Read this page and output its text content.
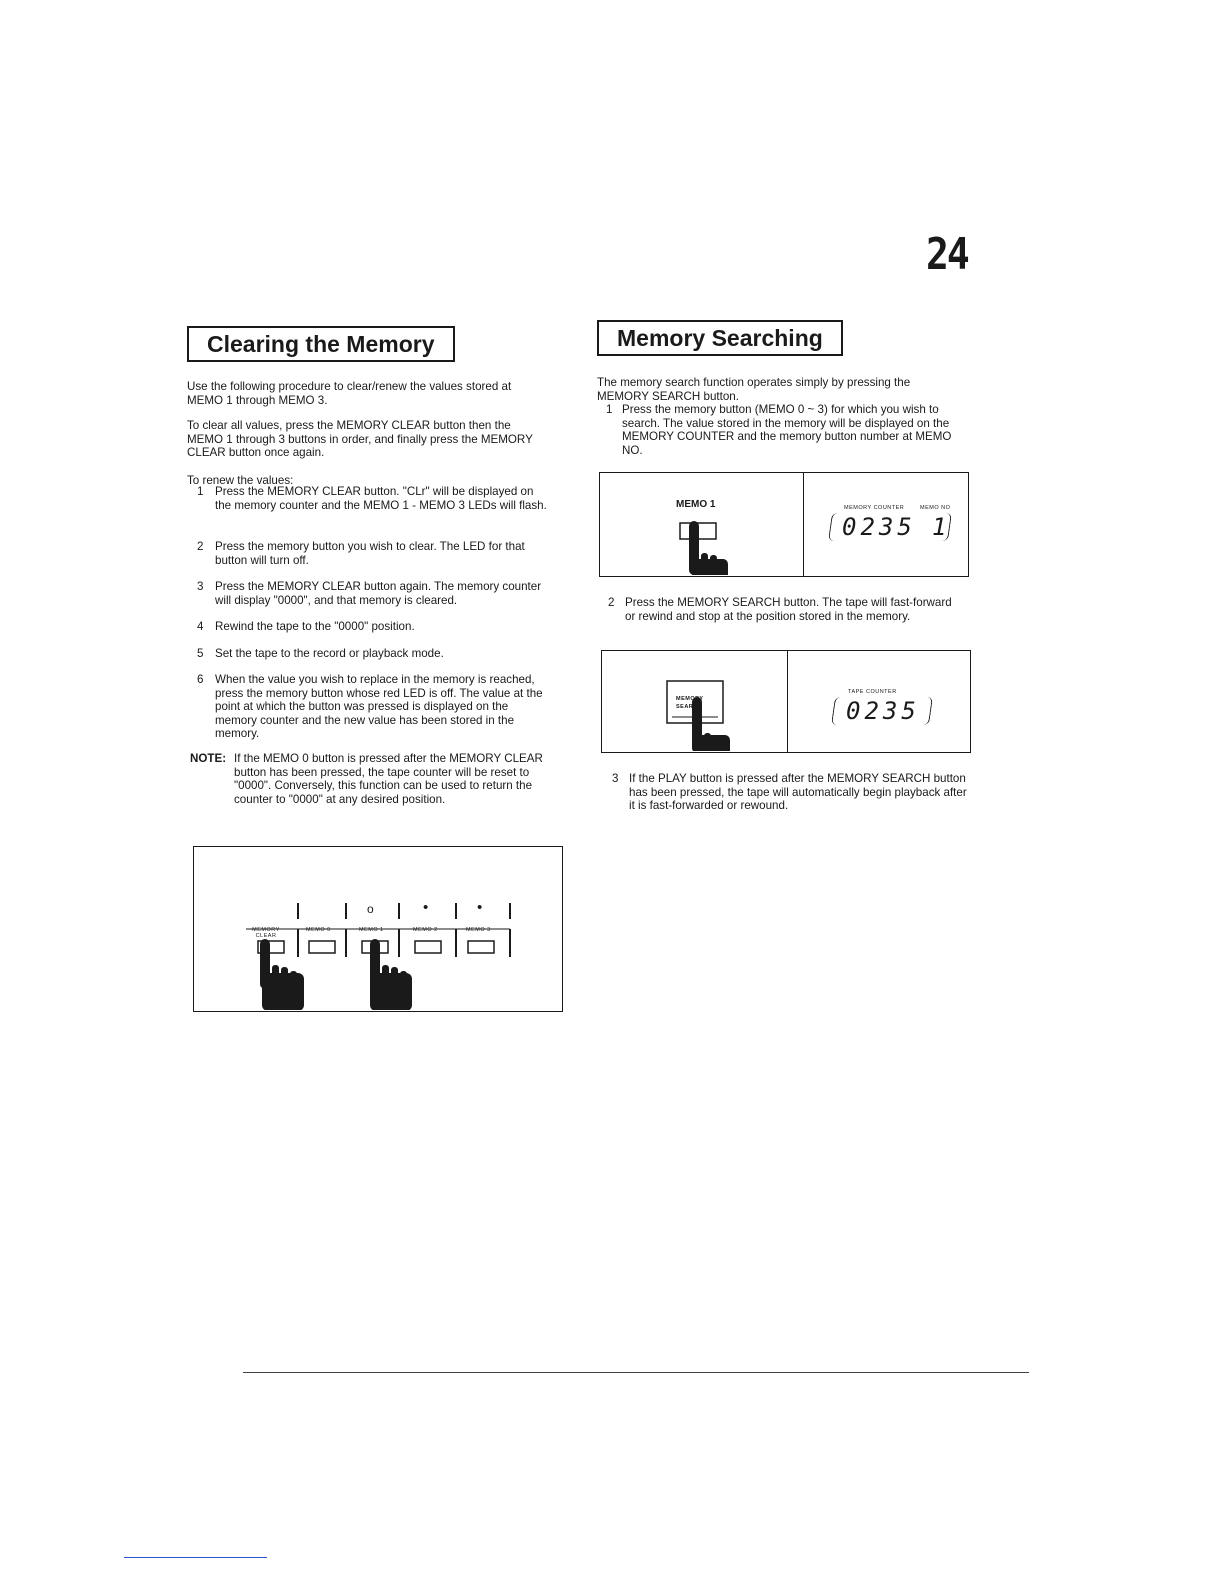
24
Clearing the Memory

Use the following procedure to clear/renew the values stored at MEMO 1 through MEMO 3.

To clear all values, press the MEMORY CLEAR button then the MEMO 1 through 3 buttons in order, and finally press the MEMORY CLEAR button once again.

To renew the values:

1 Press the MEMORY CLEAR button. "CLr" will be displayed on the memory counter and the MEMO 1 - MEMO 3 LEDs will flash.
2 Press the memory button you wish to clear. The LED for that button will turn off.
3 Press the MEMORY CLEAR button again. The memory counter will display "0000", and that memory is cleared.
4 Rewind the tape to the "0000" position.
5 Set the tape to the record or playback mode.
6 When the value you wish to replace in the memory is reached, press the memory button whose red LED is off. The value at the point at which the button was pressed is displayed on the memory counter and the new value has been stored in the memory.
NOTE: If the MEMO 0 button is pressed after the MEMORY CLEAR button has been pressed, the tape counter will be reset to "0000". Conversely, this function can be used to return the counter to "0000" at any desired position.
o	•	•
MEMORY CLEAR
MEMO 0	MEMO 1	MEMO 2	MEMO 3
Memory Searching
The memory search function operates simply by pressing the MEMORY SEARCH button.
1 Press the memory button (MEMO 0 ~ 3) for which you wish to search. The value stored in the memory will be displayed on the MEMORY COUNTER and the memory button number at MEMO NO.
MEMO 1	MEMORY COUNTER	MEMO NO
0235 1
2 Press the MEMORY SEARCH button. The tape will fast-forward or rewind and stop at the position stored in the memory.
MEMORY SEARCH
TAPE COUNTER
0235
3 If the PLAY button is pressed after the MEMORY SEARCH button has been pressed, the tape will automatically begin playback after it is fast-forwarded or rewound.
